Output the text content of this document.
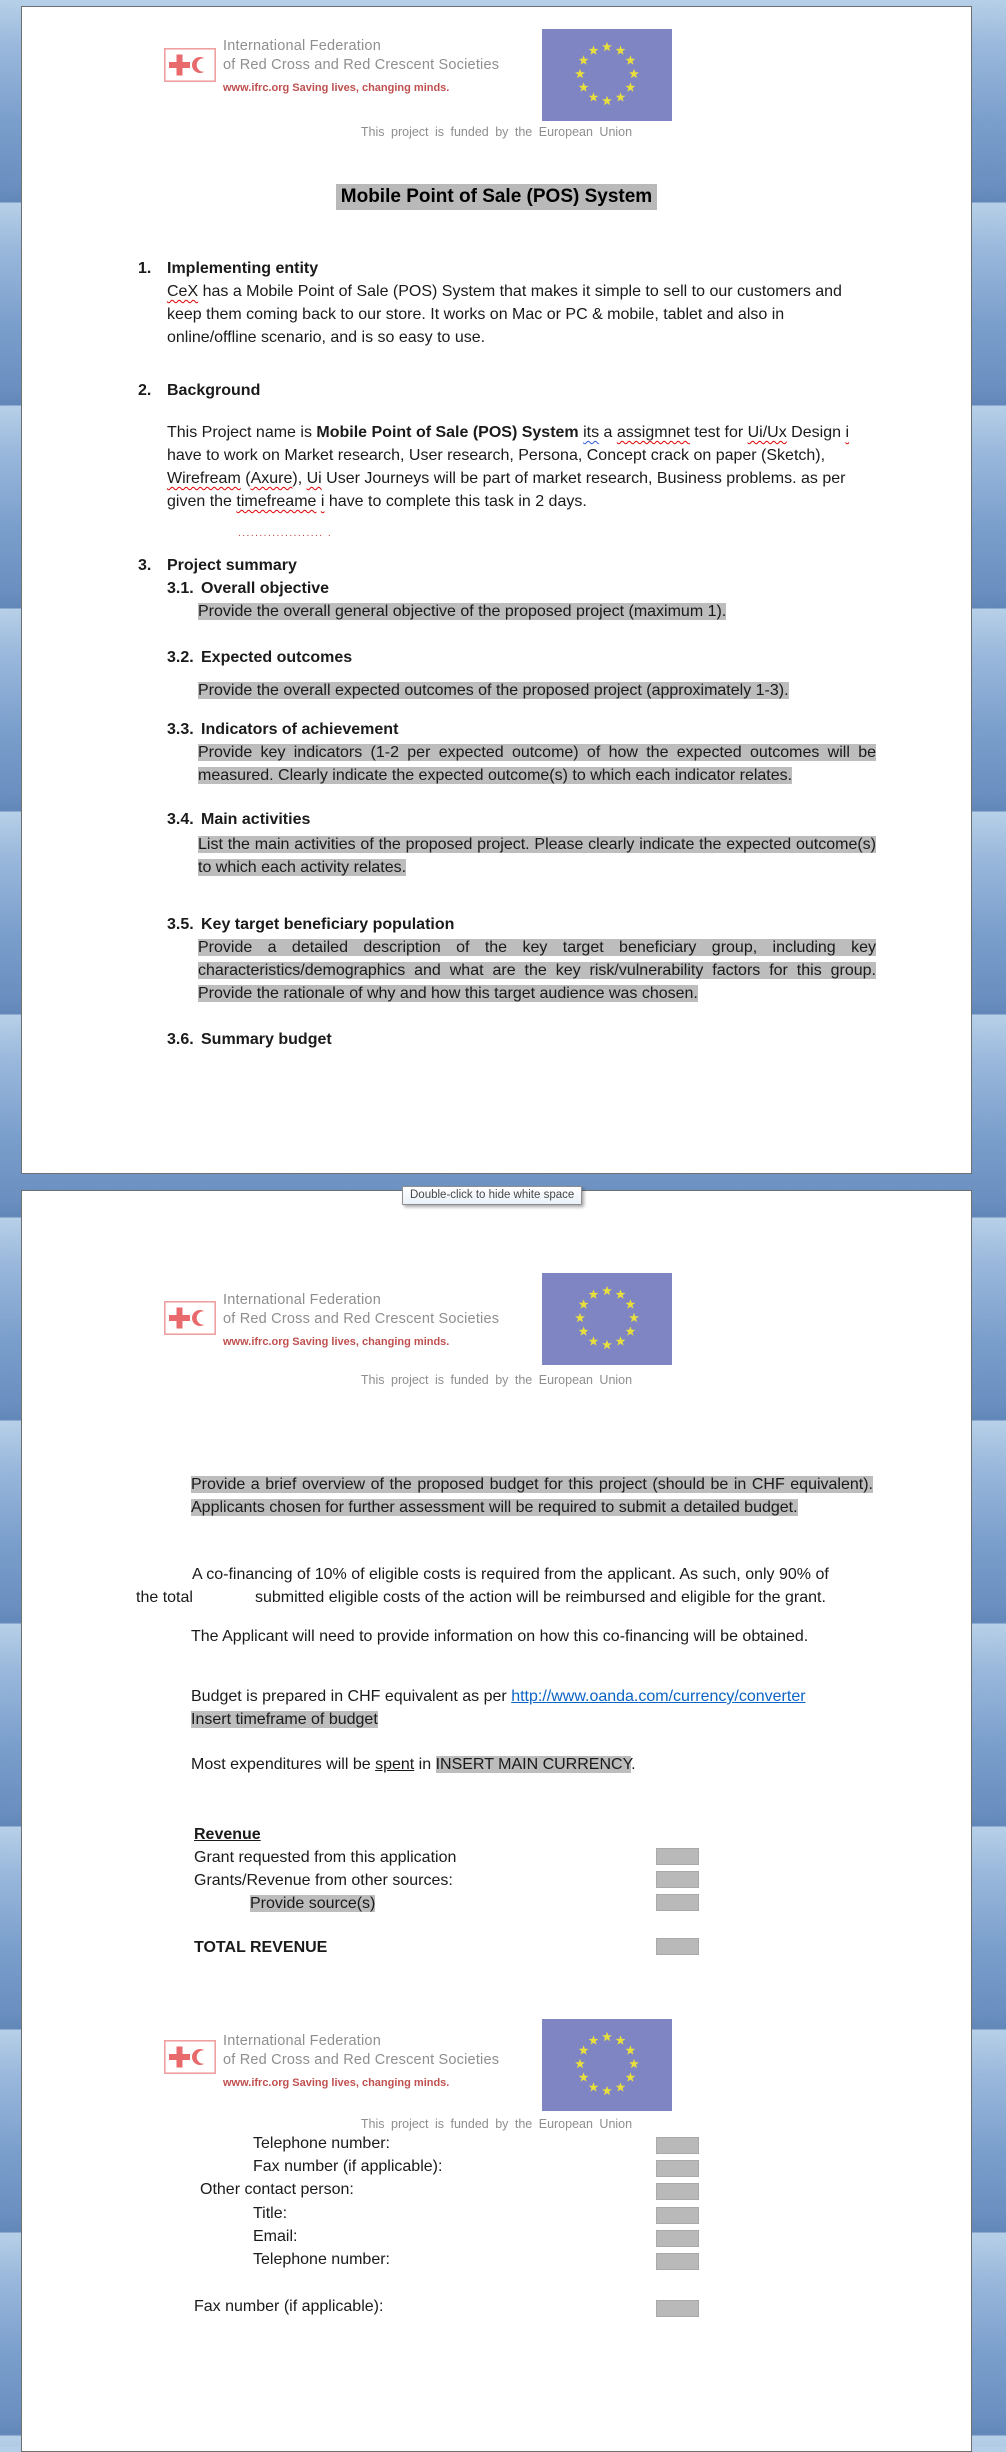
International Federation
of Red Cross and Red Crescent Societies
www.ifrc.org Saving lives, changing minds.
This project is funded by the European Union
Mobile Point of Sale (POS) System
1. Implementing entity
CeX has a Mobile Point of Sale (POS) System that makes it simple to sell to our customers and keep them coming back to our store. It works on Mac or PC & mobile, tablet and also in online/offline scenario, and is so easy to use.
2. Background
This Project name is Mobile Point of Sale (POS) System its a assigmnet test for Ui/Ux Design i have to work on Market research, User research, Persona, Concept crack on paper (Sketch), Wirefream (Axure), Ui User Journeys will be part of market research, Business problems. as per given the timefreame i have to complete this task in 2 days.
.................... .
3. Project summary
3.1. Overall objective
Provide the overall general objective of the proposed project (maximum 1).
3.2. Expected outcomes
Provide the overall expected outcomes of the proposed project (approximately 1-3).
3.3. Indicators of achievement
Provide key indicators (1-2 per expected outcome) of how the expected outcomes will be measured. Clearly indicate the expected outcome(s) to which each indicator relates.
3.4. Main activities
List the main activities of the proposed project. Please clearly indicate the expected outcome(s) to which each activity relates.
3.5. Key target beneficiary population
Provide a detailed description of the key target beneficiary group, including key characteristics/demographics and what are the key risk/vulnerability factors for this group. Provide the rationale of why and how this target audience was chosen.
3.6. Summary budget
Double-click to hide white space
International Federation
of Red Cross and Red Crescent Societies
www.ifrc.org Saving lives, changing minds.
This project is funded by the European Union
Provide a brief overview of the proposed budget for this project (should be in CHF equivalent). Applicants chosen for further assessment will be required to submit a detailed budget.
A co-financing of 10% of eligible costs is required from the applicant. As such, only 90% of
the total	submitted eligible costs of the action will be reimbursed and eligible for the grant.
The Applicant will need to provide information on how this co-financing will be obtained.
Budget is prepared in CHF equivalent as per http://www.oanda.com/currency/converter
Insert timeframe of budget
Most expenditures will be spent in INSERT MAIN CURRENCY.
Revenue
Grant requested from this application
Grants/Revenue from other sources:
Provide source(s)
TOTAL REVENUE
International Federation
of Red Cross and Red Crescent Societies
www.ifrc.org Saving lives, changing minds.
This project is funded by the European Union
Telephone number:
Fax number (if applicable):
Other contact person:
Title:
Email:
Telephone number:
Fax number (if applicable):
